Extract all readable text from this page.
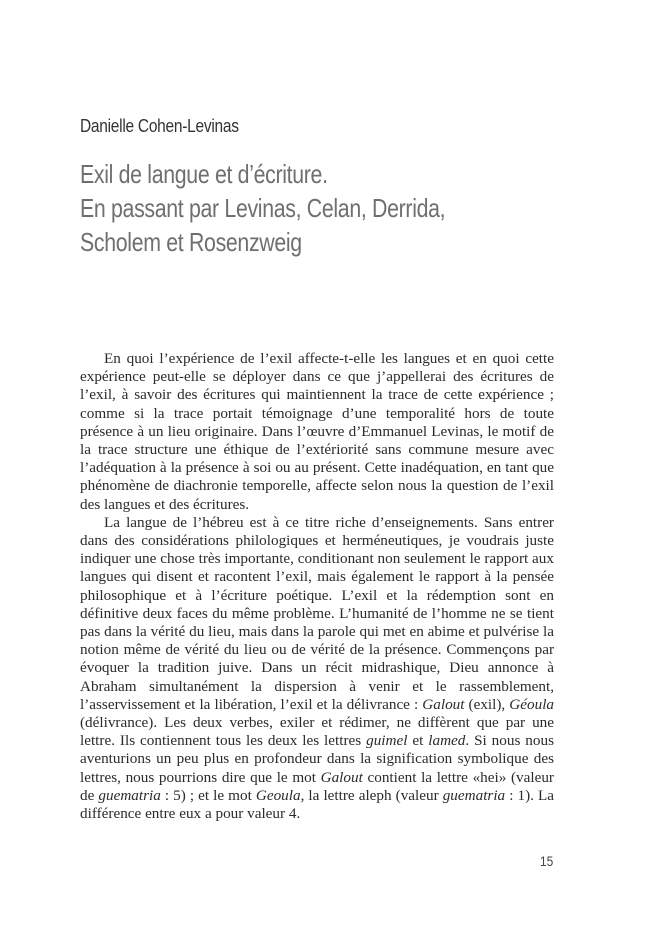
Danielle Cohen-Levinas
Exil de langue et d’écriture.
En passant par Levinas, Celan, Derrida,
Scholem et Rosenzweig

En quoi l’expérience de l’exil affecte-t-elle les langues et en quoi cette expérience peut-elle se déployer dans ce que j’appellerai des écritures de l’exil, à savoir des écritures qui maintiennent la trace de cette expérience ; comme si la trace portait témoignage d’une temporalité hors de toute présence à un lieu originaire. Dans l’œuvre d’Emmanuel Levinas, le motif de la trace structure une éthique de l’extériorité sans commune mesure avec l’adéquation à la présence à soi ou au présent. Cette inadéquation, en tant que phénomène de diachronie temporelle, affecte selon nous la question de l’exil des langues et des écritures.

La langue de l’hébreu est à ce titre riche d’enseignements. Sans entrer dans des considérations philologiques et herméneutiques, je voudrais juste indiquer une chose très importante, conditionant non seulement le rapport aux langues qui disent et racontent l’exil, mais également le rapport à la pensée philosophique et à l’écriture poétique. L’exil et la rédemption sont en définitive deux faces du même problème. L’humanité de l’homme ne se tient pas dans la vérité du lieu, mais dans la parole qui met en abime et pulvérise la notion même de vérité du lieu ou de vérité de la présence. Commençons par évoquer la tradition juive. Dans un récit midrashique, Dieu annonce à Abraham simultanément la dispersion à venir et le rassemblement, l’asservissement et la libération, l’exil et la délivrance : Galout (exil), Géoula (délivrance). Les deux verbes, exiler et rédimer, ne diffèrent que par une lettre. Ils contiennent tous les deux les lettres guimel et lamed. Si nous nous aventurions un peu plus en profondeur dans la signification symbolique des lettres, nous pourrions dire que le mot Galout contient la lettre «hei» (valeur de guematria : 5) ; et le mot Geoula, la lettre aleph (valeur guematria : 1). La différence entre eux a pour valeur 4.

15
